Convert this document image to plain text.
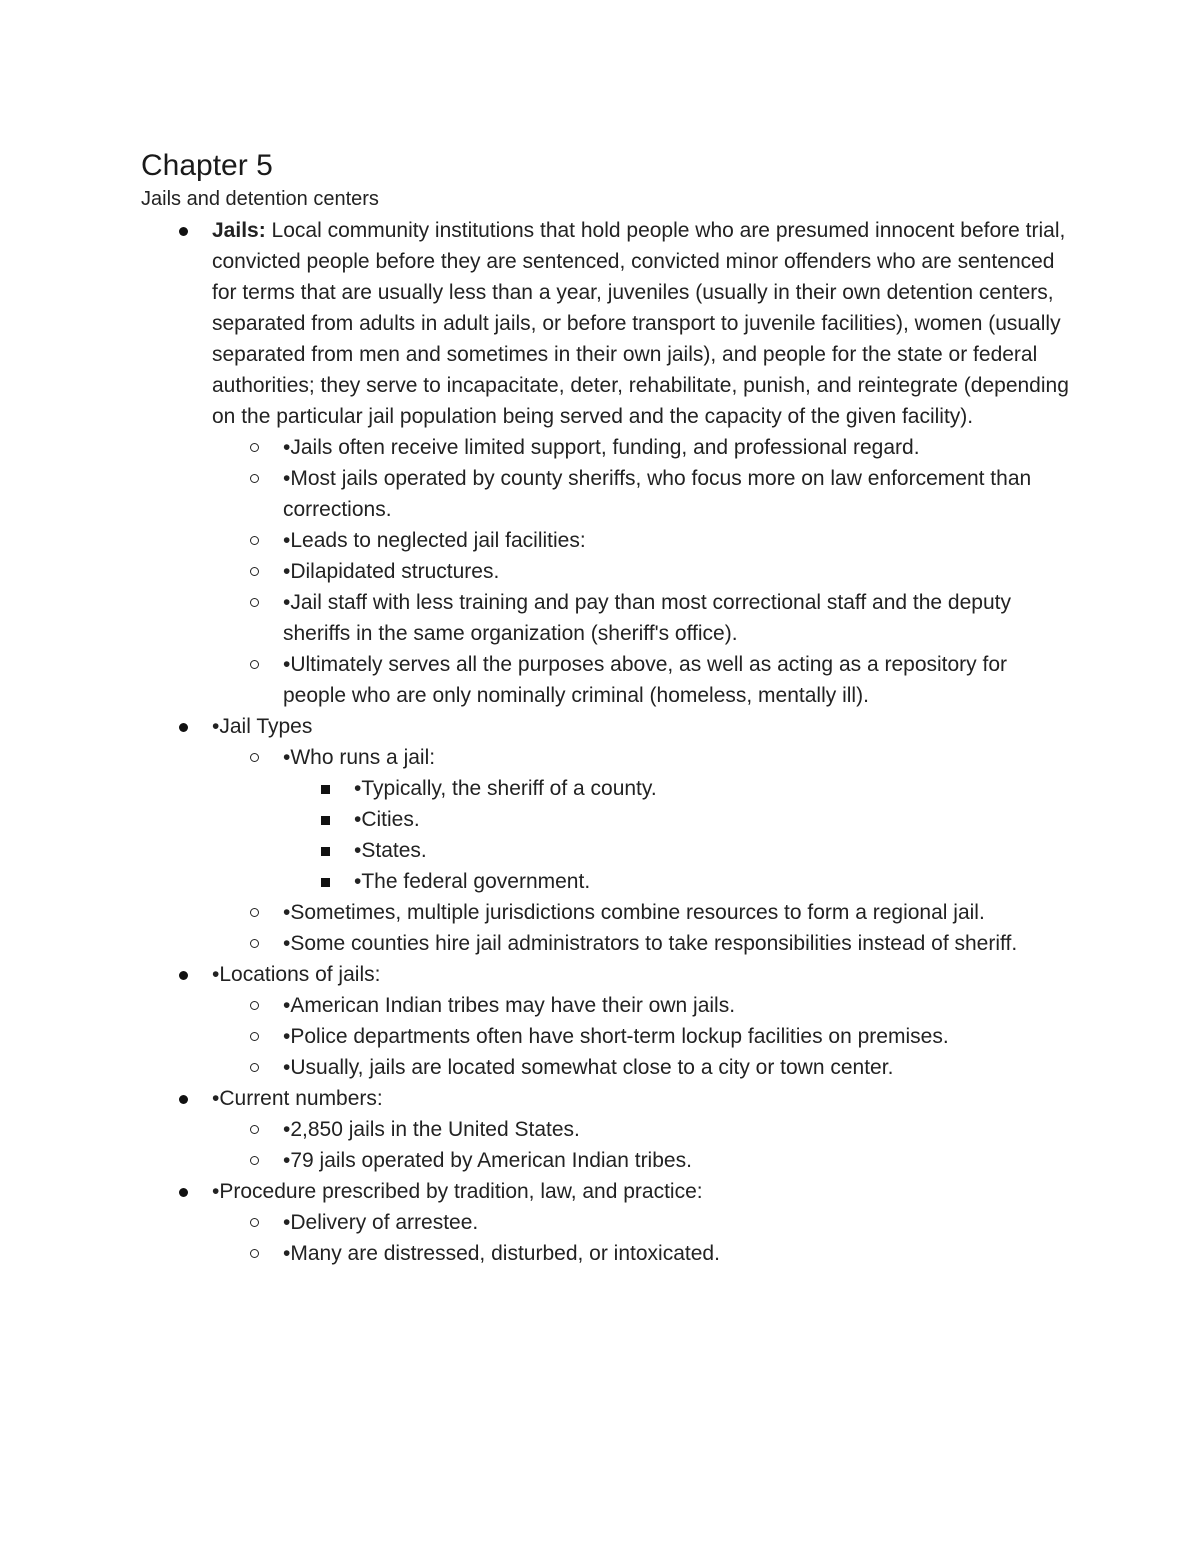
Chapter 5
Jails and detention centers
Jails: Local community institutions that hold people who are presumed innocent before trial, convicted people before they are sentenced, convicted minor offenders who are sentenced for terms that are usually less than a year, juveniles (usually in their own detention centers, separated from adults in adult jails, or before transport to juvenile facilities), women (usually separated from men and sometimes in their own jails), and people for the state or federal authorities; they serve to incapacitate, deter, rehabilitate, punish, and reintegrate (depending on the particular jail population being served and the capacity of the given facility).
•Jails often receive limited support, funding, and professional regard.
•Most jails operated by county sheriffs, who focus more on law enforcement than corrections.
•Leads to neglected jail facilities:
•Dilapidated structures.
•Jail staff with less training and pay than most correctional staff and the deputy sheriffs in the same organization (sheriff's office).
•Ultimately serves all the purposes above, as well as acting as a repository for people who are only nominally criminal (homeless, mentally ill).
•Jail Types
•Who runs a jail:
•Typically, the sheriff of a county.
•Cities.
•States.
•The federal government.
•Sometimes, multiple jurisdictions combine resources to form a regional jail.
•Some counties hire jail administrators to take responsibilities instead of sheriff.
•Locations of jails:
•American Indian tribes may have their own jails.
•Police departments often have short-term lockup facilities on premises.
•Usually, jails are located somewhat close to a city or town center.
•Current numbers:
•2,850 jails in the United States.
•79 jails operated by American Indian tribes.
•Procedure prescribed by tradition, law, and practice:
•Delivery of arrestee.
•Many are distressed, disturbed, or intoxicated.
